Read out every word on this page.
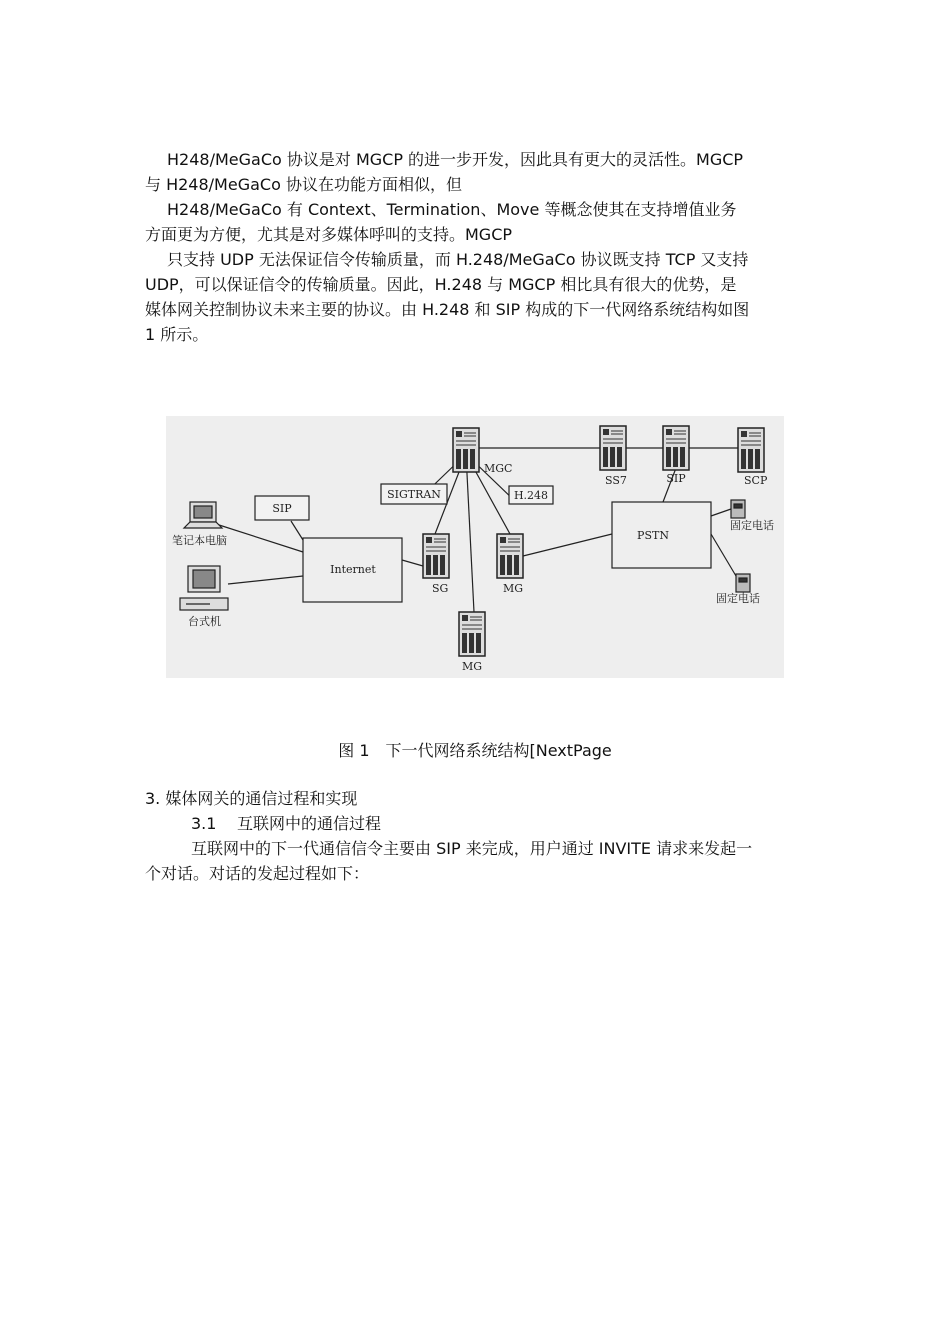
H248/MeGaCo 协议是对 MGCP 的进一步开发，因此具有更大的灵活性。MGCP
与 H248/MeGaCo 协议在功能方面相似，但
H248/MeGaCo 有 Context、Termination、Move 等概念使其在支持增值业务
方面更为方便，尤其是对多媒体呼叫的支持。MGCP
只支持 UDP 无法保证信令传输质量，而 H.248/MeGaCo 协议既支持 TCP 又支持
UDP，可以保证信令的传输质量。因此，H.248 与 MGCP 相比具有很大的优势，是
媒体网关控制协议未来主要的协议。由 H.248 和 SIP 构成的下一代网络系统结构如图
1 所示。
MGC
SS7	SIP	SCP
SG	MG
MG
SIGTRAN	H.248
SIP
Internet
PSTN
笔记本电脑
台式机
固定电话
固定电话
图 1　下一代网络系统结构[NextPage
3. 媒体网关的通信过程和实现
3.1 互联网中的通信过程
互联网中的下一代通信信令主要由 SIP 来完成，用户通过 INVITE 请求来发起一
个对话。对话的发起过程如下：
